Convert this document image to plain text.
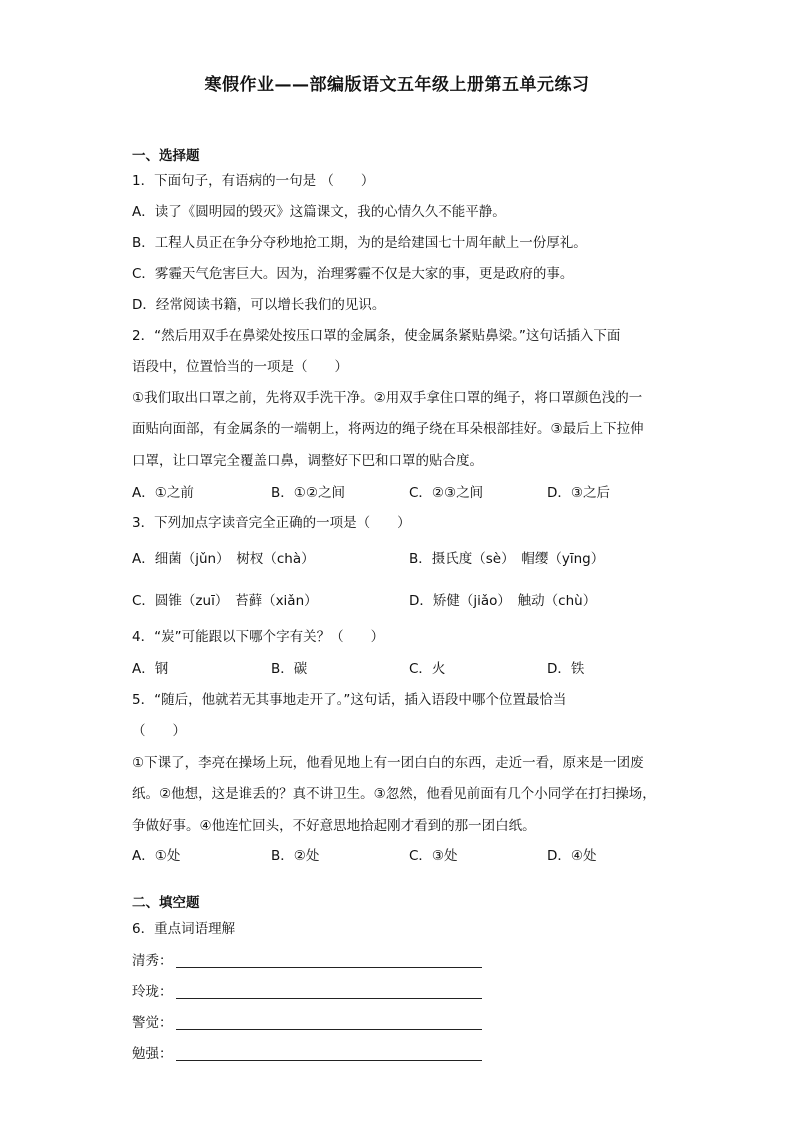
寒假作业——部编版语文五年级上册第五单元练习
一、选择题
1．下面句子，有语病的一句是 （　　）
A．读了《圆明园的毁灭》这篇课文，我的心情久久不能平静。
B．工程人员正在争分夺秒地抢工期，为的是给建国七十周年献上一份厚礼。
C．雾霾天气危害巨大。因为，治理雾霾不仅是大家的事，更是政府的事。
D．经常阅读书籍，可以增长我们的见识。
2．“然后用双手在鼻梁处按压口罩的金属条，使金属条紧贴鼻梁。”这句话插入下面
语段中，位置恰当的一项是（　　）
①我们取出口罩之前，先将双手洗干净。②用双手拿住口罩的绳子，将口罩颜色浅的一
面贴向面部，有金属条的一端朝上，将两边的绳子绕在耳朵根部挂好。③最后上下拉伸
口罩，让口罩完全覆盖口鼻，调整好下巴和口罩的贴合度。
A．①之前	B．①②之间	C．②③之间	D．③之后
3．下列加点字读音完全正确的一项是（　　）
A．细菌（jǔn）　树杈（chà）	B．摄氏度（sè）　帽缨（yīng）
C．圆锥（zuī）　苔藓（xiǎn）	D．矫健（jiǎo）　触动（chù）
4．“炭”可能跟以下哪个字有关？（　　）
A．钢	B．碳	C．火	D．铁
5．“随后，他就若无其事地走开了。”这句话，插入语段中哪个位置最恰当
（　　）
①下课了，李亮在操场上玩，他看见地上有一团白白的东西，走近一看，原来是一团废
纸。②他想，这是谁丢的？真不讲卫生。③忽然，他看见前面有几个小同学在打扫操场，
争做好事。④他连忙回头，不好意思地拾起刚才看到的那一团白纸。
A．①处	B．②处	C．③处	D．④处
二、填空题
6．重点词语理解
清秀：
玲珑：
警觉：
勉强：
